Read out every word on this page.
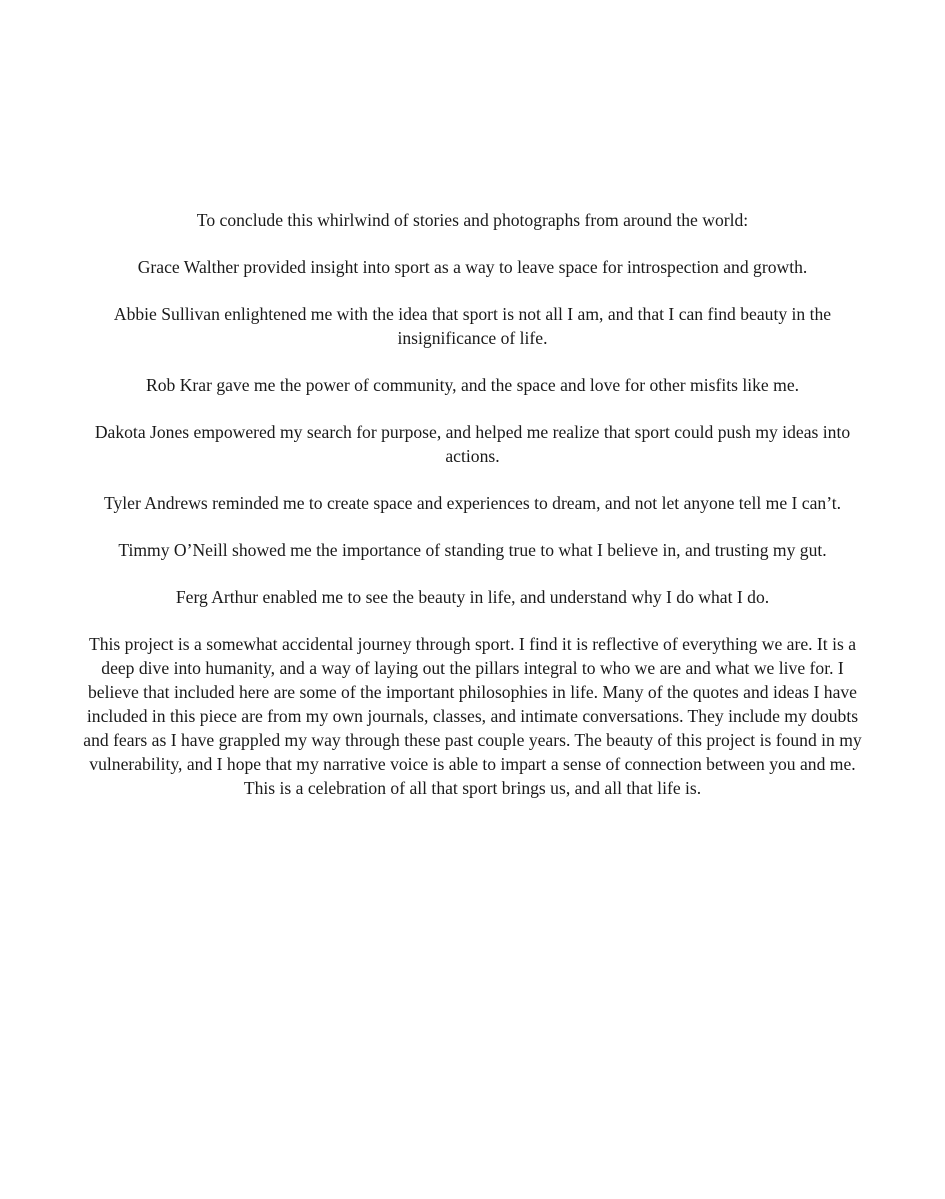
To conclude this whirlwind of stories and photographs from around the world:

Grace Walther provided insight into sport as a way to leave space for introspection and growth.

Abbie Sullivan enlightened me with the idea that sport is not all I am, and that I can find beauty in the insignificance of life.

Rob Krar gave me the power of community, and the space and love for other misfits like me.

Dakota Jones empowered my search for purpose, and helped me realize that sport could push my ideas into actions.

Tyler Andrews reminded me to create space and experiences to dream, and not let anyone tell me I can’t.

Timmy O’Neill showed me the importance of standing true to what I believe in, and trusting my gut.

Ferg Arthur enabled me to see the beauty in life, and understand why I do what I do.

This project is a somewhat accidental journey through sport. I find it is reflective of everything we are. It is a deep dive into humanity, and a way of laying out the pillars integral to who we are and what we live for. I believe that included here are some of the important philosophies in life. Many of the quotes and ideas I have included in this piece are from my own journals, classes, and intimate conversations. They include my doubts and fears as I have grappled my way through these past couple years. The beauty of this project is found in my vulnerability, and I hope that my narrative voice is able to impart a sense of connection between you and me. This is a celebration of all that sport brings us, and all that life is.
